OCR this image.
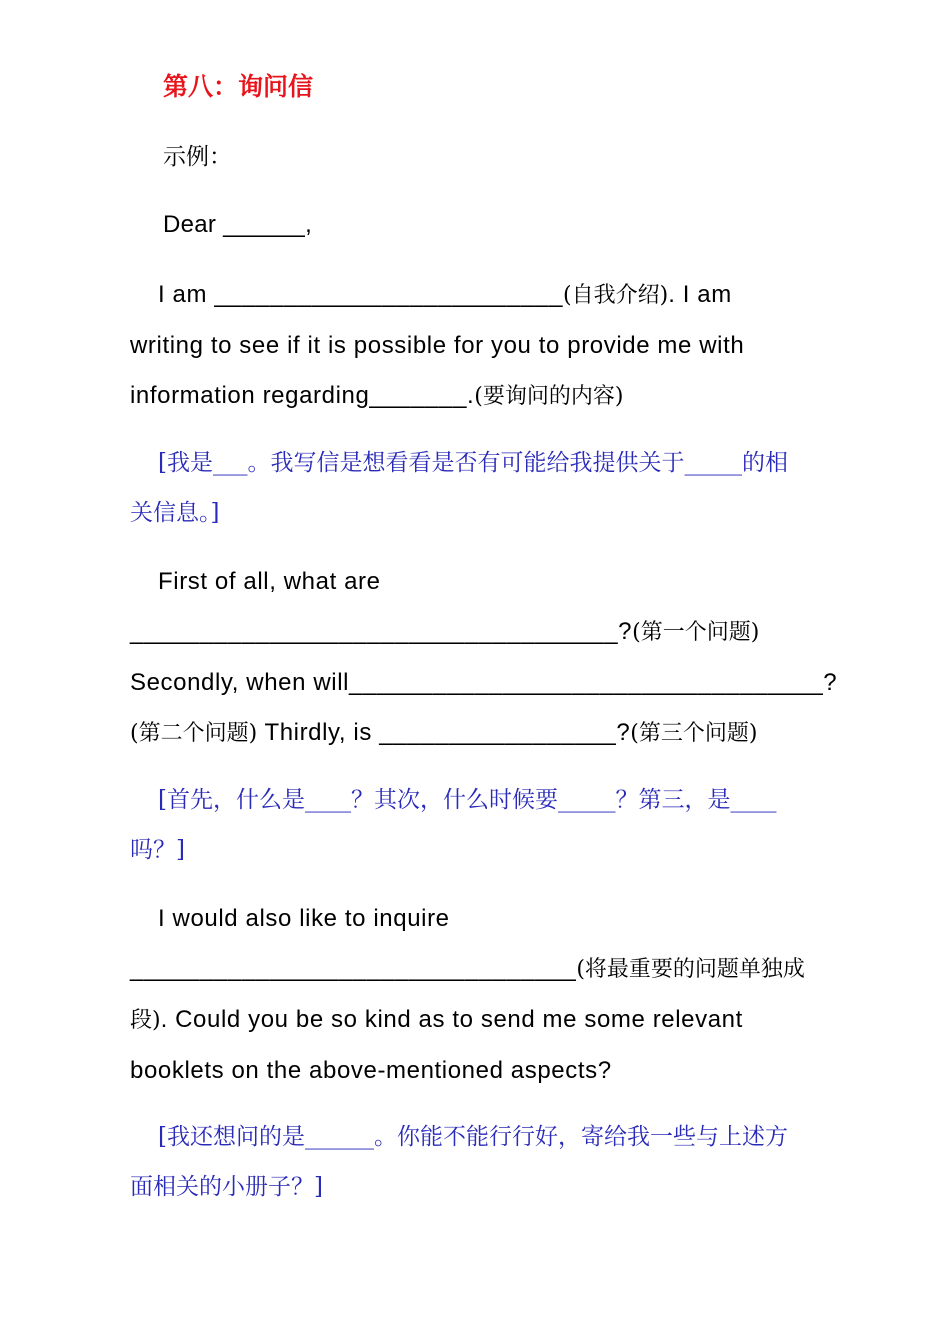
第八：询问信

示例：

Dear ______,

I am _________________________(自我介绍). I am
writing to see if it is possible for you to provide me with
information regarding_______.(要询问的内容)
[我是___。我写信是想看看是否有可能给我提供关于_____的相
关信息。]
First of all, what are
___________________________________?(第一个问题)
Secondly, when will__________________________________?
(第二个问题) Thirdly, is _________________?(第三个问题)
[首先，什么是____？其次，什么时候要_____？第三，是____
吗？]
I would also like to inquire
________________________________(将最重要的问题单独成
段). Could you be so kind as to send me some relevant
booklets on the above-mentioned aspects?
[我还想问的是______。你能不能行行好，寄给我一些与上述方
面相关的小册子？]
